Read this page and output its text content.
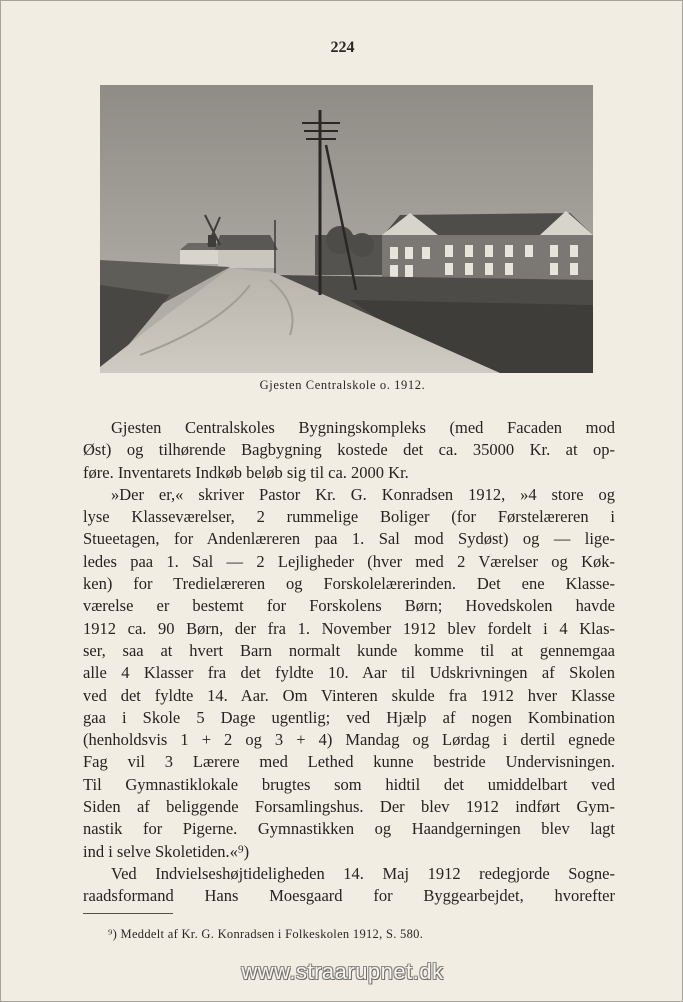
224
Gjesten Centralskole o. 1912.
Gjesten Centralskoles Bygningskompleks (med Facaden mod
Øst) og tilhørende Bagbygning kostede det ca. 35000 Kr. at op-
føre. Inventarets Indkøb beløb sig til ca. 2000 Kr.
»Der er,« skriver Pastor Kr. G. Konradsen 1912, »4 store og
lyse Klasseværelser, 2 rummelige Boliger (for Førstelæreren i
Stueetagen, for Andenlæreren paa 1. Sal mod Sydøst) og — lige-
ledes paa 1. Sal — 2 Lejligheder (hver med 2 Værelser og Køk-
ken) for Tredielæreren og Forskolelærerinden. Det ene Klasse-
værelse er bestemt for Forskolens Børn; Hovedskolen havde
1912 ca. 90 Børn, der fra 1. November 1912 blev fordelt i 4 Klas-
ser, saa at hvert Barn normalt kunde komme til at gennemgaa
alle 4 Klasser fra det fyldte 10. Aar til Udskrivningen af Skolen
ved det fyldte 14. Aar. Om Vinteren skulde fra 1912 hver Klasse
gaa i Skole 5 Dage ugentlig; ved Hjælp af nogen Kombination
(henholdsvis 1 + 2 og 3 + 4) Mandag og Lørdag i dertil egnede
Fag vil 3 Lærere med Lethed kunne bestride Undervisningen.
Til Gymnastiklokale brugtes som hidtil det umiddelbart ved
Siden af beliggende Forsamlingshus. Der blev 1912 indført Gym-
nastik for Pigerne. Gymnastikken og Haandgerningen blev lagt
ind i selve Skoletiden.«⁹)
Ved Indvielseshøjtideligheden 14. Maj 1912 redegjorde Sogne-
raadsformand Hans Moesgaard for Byggearbejdet, hvorefter
⁹) Meddelt af Kr. G. Konradsen i Folkeskolen 1912, S. 580.
www.straarupnet.dk
